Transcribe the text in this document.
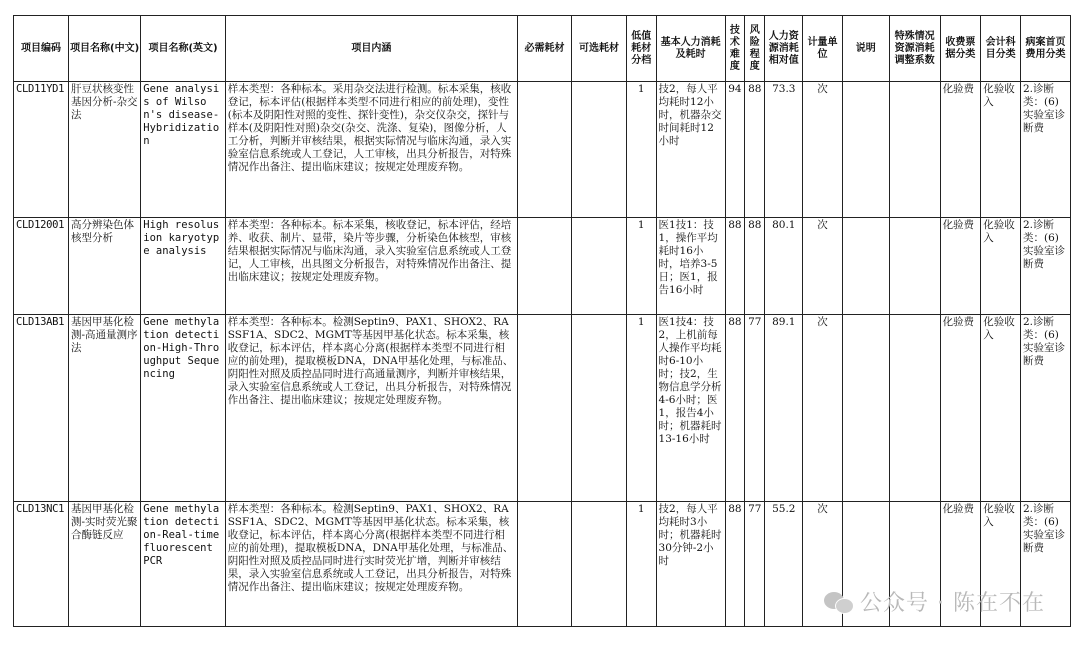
项目编码	项目名称(中文)	项目名称(英文)	项目内涵	必需耗材	可选耗材	低值耗材分档	基本人力消耗及耗时	技术难度	风险程度	人力资源消耗相对值	计量单位	说明	特殊情况资源消耗调整系数	收费票据分类	会计科目分类	病案首页费用分类
CLD11YD1	肝豆状核变性基因分析-杂交法	Gene analysis of Wilson's disease-Hybridization	样本类型：各种标本。采用杂交法进行检测。标本采集，核收登记，标本评估(根据样本类型不同进行相应的前处理)，变性(标本及阴阳性对照的变性、探针变性)，杂交仪杂交，探针与样本(及阴阳性对照)杂交(杂交、洗涤、复染)，图像分析，人工分析，判断并审核结果，根据实际情况与临床沟通，录入实验室信息系统或人工登记，人工审核，出具分析报告，对特殊情况作出备注、提出临床建议；按规定处理废弃物。			1	技2，每人平均耗时12小时，机器杂交时间耗时12小时	94	88	73.3	次			化验费	化验收入	2.诊断类：(6)实验室诊断费
CLD12001	高分辨染色体核型分析	High resolusion karyotype analysis	样本类型：各种标本。标本采集，核收登记，标本评估，经培养、收获、制片、显带，染片等步骤，分析染色体核型，审核结果根据实际情况与临床沟通，录入实验室信息系统或人工登记，人工审核，出具图文分析报告，对特殊情况作出备注、提出临床建议；按规定处理废弃物。			1	医1技1：技1，操作平均耗时16小时，培养3-5日；医1，报告16小时	88	88	80.1	次			化验费	化验收入	2.诊断类：(6)实验室诊断费
CLD13AB1	基因甲基化检测-高通量测序法	Gene methylation detection-High-Throughput Sequencing	样本类型：各种标本。检测Septin9、PAX1、SHOX2、RASSF1A、SDC2、MGMT等基因甲基化状态。标本采集，核收登记，标本评估，样本离心分离(根据样本类型不同进行相应的前处理)，提取模板DNA，DNA甲基化处理，与标准品、阴阳性对照及质控品同时进行高通量测序，判断并审核结果，录入实验室信息系统或人工登记，出具分析报告，对特殊情况作出备注、提出临床建议；按规定处理废弃物。			1	医1技4：技2，上机前每人操作平均耗时6-10小时；技2，生物信息学分析4-6小时；医1，报告4小时；机器耗时13-16小时	88	77	89.1	次			化验费	化验收入	2.诊断类：(6)实验室诊断费
CLD13NC1	基因甲基化检测-实时荧光聚合酶链反应	Gene methylation detection-Real-time fluorescent PCR	样本类型：各种标本。检测Septin9、PAX1、SHOX2、RASSF1A、SDC2、MGMT等基因甲基化状态。标本采集，核收登记，标本评估，样本离心分离(根据样本类型不同进行相应的前处理)，提取模板DNA，DNA甲基化处理，与标准品、阴阳性对照及质控品同时进行实时荧光扩增，判断并审核结果，录入实验室信息系统或人工登记，出具分析报告，对特殊情况作出备注、提出临床建议；按规定处理废弃物。			1	技2，每人平均耗时3小时；机器耗时30分钟-2小时	88	77	55.2	次			化验费	化验收入	2.诊断类：(6)实验室诊断费
公众号 · 陈在不在
